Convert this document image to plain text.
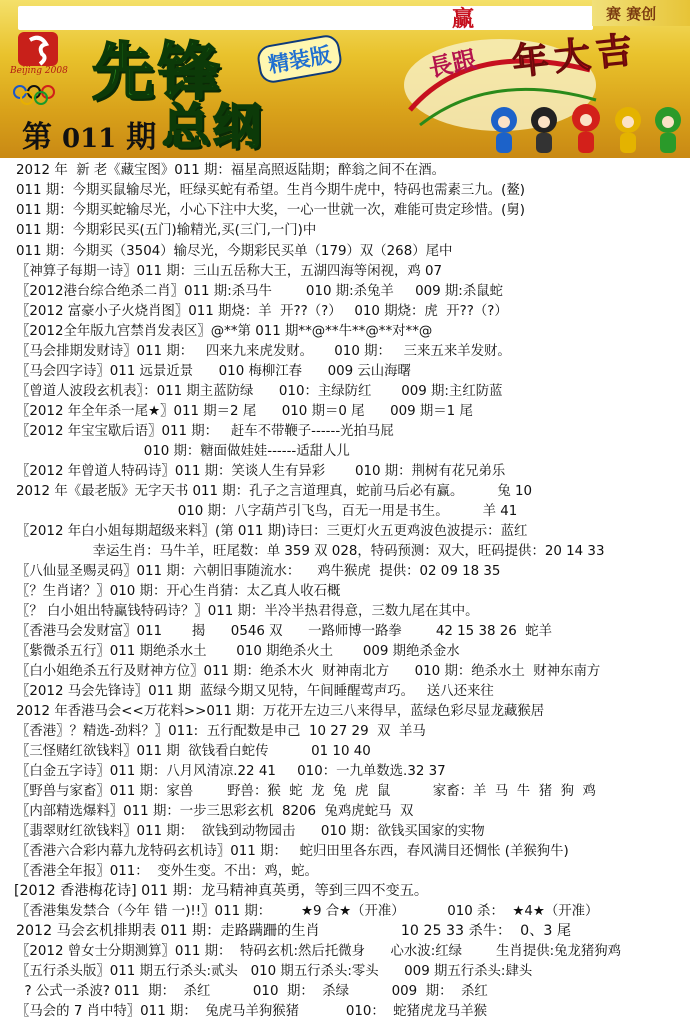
赛 赛创
Beijing 2008 先锋	精装版
总纲
第 011 期
赢
長跟 年大吉
2012 年  新 老《藏宝图》011 期：福星高照返陆期；醉翁之间不在酒。
011 期：今期买鼠输尽光，旺绿买蛇有希望。生肖今期牛虎中，特码也需素三九。(鳌)
011 期：今期买蛇输尽光，小心下注中大奖，一心一世就一次，难能可贵定珍惜。(舅)
011 期：今期彩民买(五门)输精光,买(三门,一门)中
011 期：今期买（3504）输尽光，今期彩民买单（179）双（268）尾中
〖神算子每期一诗〗011 期：三山五岳称大王，五湖四海等闲视，鸡 07
〖2012港台综合绝杀二肖〗011 期:杀马牛        010 期:杀兔羊     009 期:杀鼠蛇
〖2012 富豪小子火烧肖图〗011 期烧：羊  开??（?）   010 期烧：虎  开??（?）
〖2012全年版九宫禁肖发表区〗@**第 011 期**@**牛**@**对**@
〖马会排期发财诗〗011 期：   四来九来虎发财。     010 期：   三来五来羊发财。
〖马会四字诗〗011 远景近景      010 梅柳江春      009 云山海曙
〖曾道人波段玄机表〗：011 期主蓝防绿      010：主绿防红       009 期:主红防蓝
〖2012 年全年杀一尾★〗011 期＝2 尾      010 期＝0 尾      009 期＝1 尾
〖2012 年宝宝歇后语〗011 期：   赶车不带鞭子------光拍马屁
010 期：糖面做娃娃------适甜人儿
〖2012 年曾道人特码诗〗011 期：笑谈人生有异彩       010 期：荆树有花兄弟乐
2012 年《最老版》无字天书 011 期：孔子之言道理真，蛇前马后必有赢。        兔 10
010 期：八字葫芦引飞鸟，百无一用是书生。        羊 41
〖2012 年白小姐每期超级来料〗(第 011 期)诗曰：三更灯火五更鸡波色波提示：蓝红
幸运生肖：马牛羊，旺尾数：单 359 双 028，特码预测：双大，旺码提供：20 14 33
〖八仙显圣赐灵码〗011 期：六朝旧事随流水：    鸡牛猴虎  提供：02 09 18 35
〖？生肖诸？〗010 期：开心生肖猜：太乙真人收石概
〖？ 白小姐出特赢钱特码诗？〗011 期：半冷半热君得意，三数九尾在其中。
〖香港马会发财富〗011       揭      0546 双      一路师博一路拳        42 15 38 26  蛇羊
〖紫微杀五行〗011 期绝杀水土       010 期绝杀火土       009 期绝杀金水
〖白小姐绝杀五行及财神方位〗011 期：绝杀木火  财神南北方      010 期：绝杀水土  财神东南方
〖2012 马会先锋诗〗011 期  蓝绿今期又见特，午间睡醒莺声巧。   送八还来往
2012 年香港马会<<万花料>>011 期：万花开左边三八来得早，蓝绿色彩尽显龙藏猴居
〖香港〗？精选-劲料？〗011:  五行配数是申己  10 27 29  双  羊马
〖三怪赌红欲钱料〗011 期  欲钱看白蛇传          01 10 40
〖白金五字诗〗011 期：八月风清凉.22 41     010：一九单数选.32 37
〖野兽与家畜〗011 期：家兽        野兽：猴  蛇  龙  兔  虎  鼠          家畜：羊  马  牛  猪  狗  鸡
〖内部精选爆料〗011 期：一步三思彩玄机  8206  兔鸡虎蛇马  双
〖翡翠财红欲钱料〗011 期：  欲钱到动物园击      010 期：欲钱买国家的实物
〖香港六合彩内幕九龙特码玄机诗〗011 期：   蛇归田里各东西，春风满目还惆怅 (羊猴狗牛)
〖香港全年报〗011：  变外生变。不出：鸡，蛇。
[2012 香港梅花诗] 011 期：龙马精神真英勇，等到三四不变五。
〖香港集发禁合（今年 错 一)!!〗011 期：       ★9 合★（开准）          010 杀：  ★4★（开准）
2012 马会玄机排期表 011 期：走路蹒跚的生肖                  10 25 33 杀牛：  0、3 尾
〖2012 曾女士分期测算〗011 期：  特码玄机:然后托微身      心水波:红绿        生肖提供:兔龙猪狗鸡
〖五行杀头版〗011 期五行杀头:贰头   010 期五行杀头:零头      009 期五行杀头:肆头
? 公式一杀波? 011  期：  杀红          010  期：  杀绿          009  期：  杀红
〖马会的 7 肖中特〗011 期：  兔虎马羊狗猴猪           010：  蛇猪虎龙马羊猴
